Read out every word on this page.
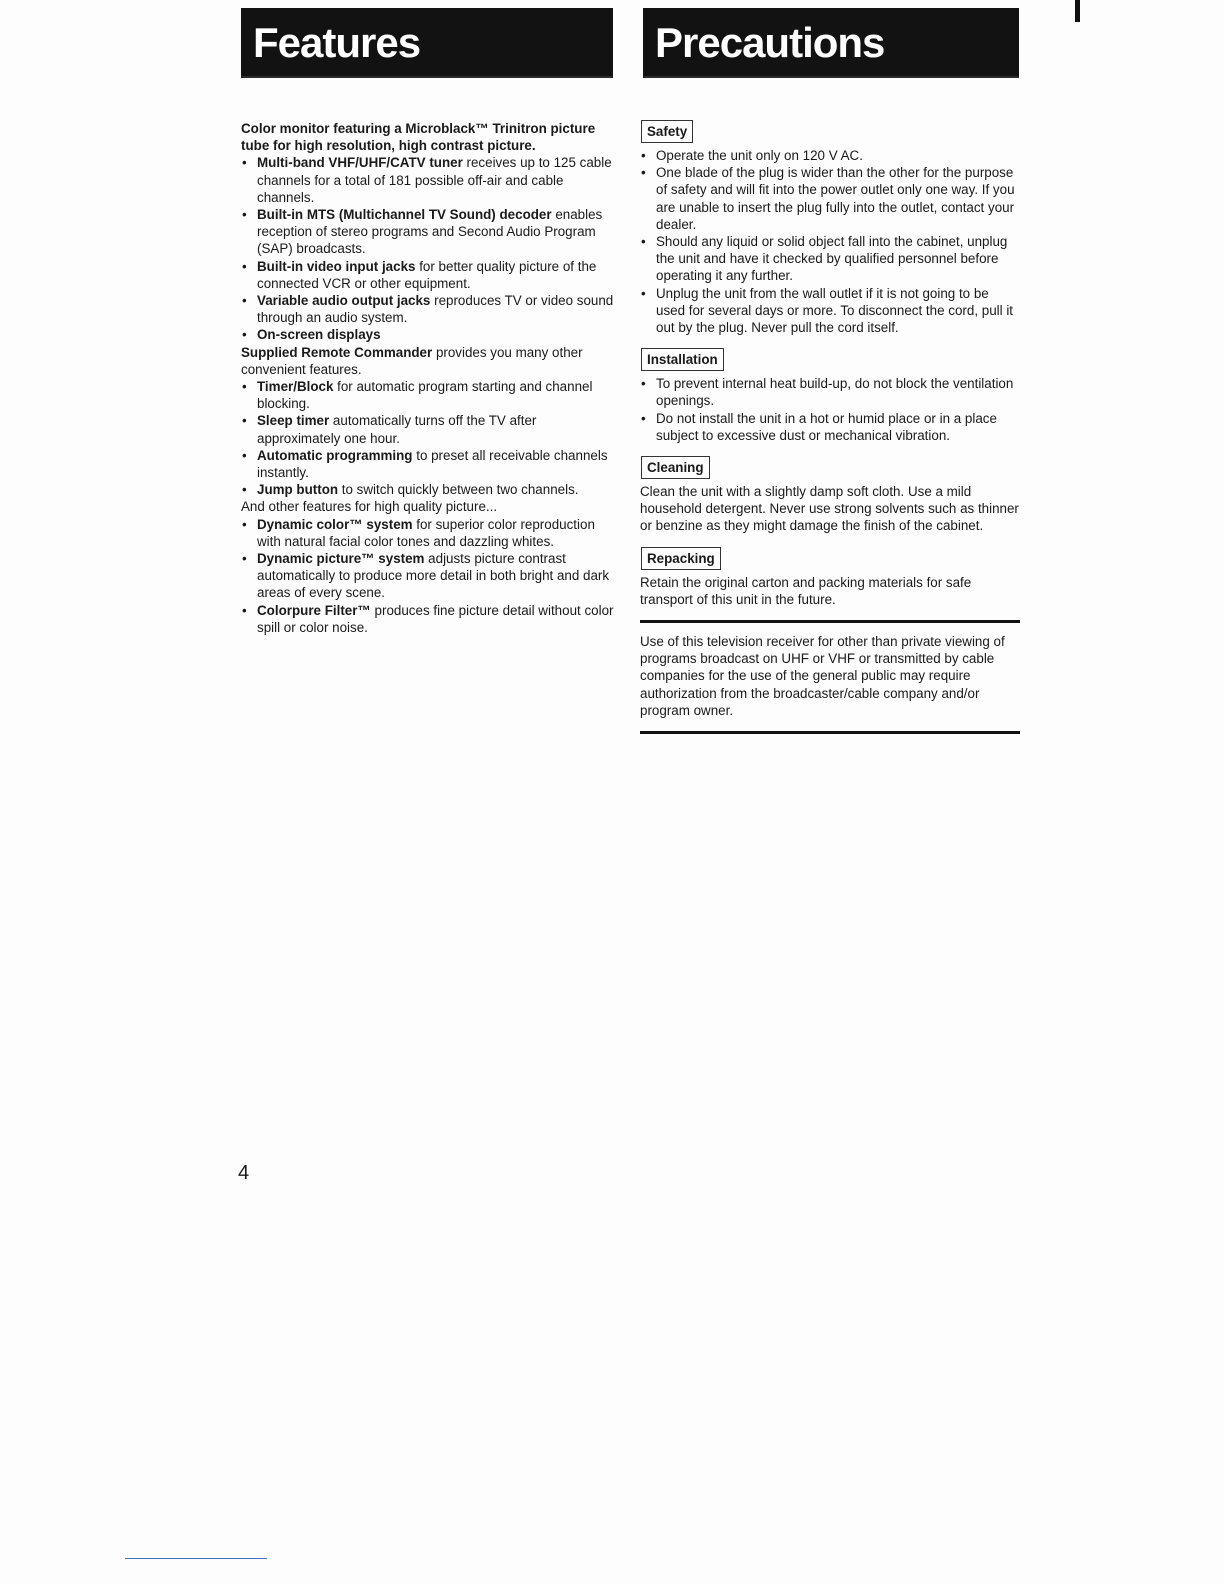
Features	Precautions

Color monitor featuring a Microblack™ Trinitron picture tube for high resolution, high contrast picture.

• Multi-band VHF/UHF/CATV tuner receives up to 125 cable channels for a total of 181 possible off-air and cable channels.
• Built-in MTS (Multichannel TV Sound) decoder enables reception of stereo programs and Second Audio Program (SAP) broadcasts.
• Built-in video input jacks for better quality picture of the connected VCR or other equipment.
• Variable audio output jacks reproduces TV or video sound through an audio system.
• On-screen displays

Supplied Remote Commander provides you many other convenient features.

• Timer/Block for automatic program starting and channel blocking.
• Sleep timer automatically turns off the TV after approximately one hour.
• Automatic programming to preset all receivable channels instantly.
• Jump button to switch quickly between two channels.

And other features for high quality picture...

• Dynamic color™ system for superior color reproduction with natural facial color tones and dazzling whites.
• Dynamic picture™ system adjusts picture contrast automatically to produce more detail in both bright and dark areas of every scene.
• Colorpure Filter™ produces fine picture detail without color spill or color noise.
Safety
• Operate the unit only on 120 V AC.
• One blade of the plug is wider than the other for the purpose of safety and will fit into the power outlet only one way. If you are unable to insert the plug fully into the outlet, contact your dealer.
• Should any liquid or solid object fall into the cabinet, unplug the unit and have it checked by qualified personnel before operating it any further.
• Unplug the unit from the wall outlet if it is not going to be used for several days or more. To disconnect the cord, pull it out by the plug. Never pull the cord itself.
Installation
• To prevent internal heat build-up, do not block the ventilation openings.
• Do not install the unit in a hot or humid place or in a place subject to excessive dust or mechanical vibration.
Cleaning

Clean the unit with a slightly damp soft cloth. Use a mild household detergent. Never use strong solvents such as thinner or benzine as they might damage the finish of the cabinet.

Repacking

Retain the original carton and packing materials for safe transport of this unit in the future.

Use of this television receiver for other than private viewing of programs broadcast on UHF or VHF or transmitted by cable companies for the use of the general public may require authorization from the broadcaster/cable company and/or program owner.

4
